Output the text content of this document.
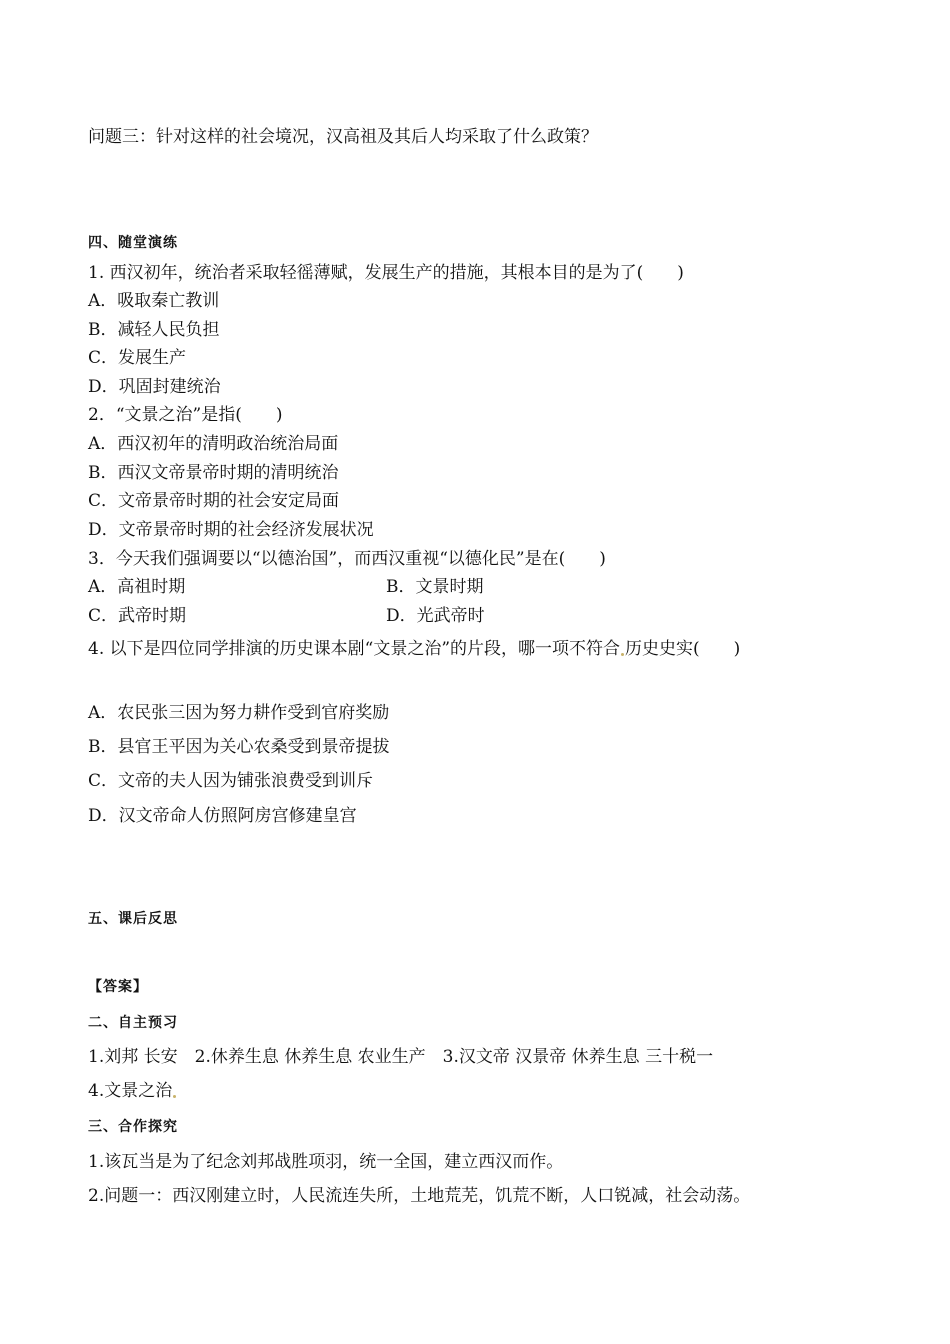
问题三：针对这样的社会境况，汉高祖及其后人均采取了什么政策？
四、随堂演练
1. 西汉初年，统治者采取轻徭薄赋，发展生产的措施，其根本目的是为了(　　)
A．吸取秦亡教训
B．减轻人民负担
C．发展生产
D．巩固封建统治
2．“文景之治”是指(　　)
A．西汉初年的清明政治统治局面
B．西汉文帝景帝时期的清明统治
C．文帝景帝时期的社会安定局面
D．文帝景帝时期的社会经济发展状况
3．今天我们强调要以“以德治国”，而西汉重视“以德化民”是在(　　)
A．高祖时期	B．文景时期
C．武帝时期	D．光武帝时
4. 以下是四位同学排演的历史课本剧“文景之治”的片段，哪一项不符合 历史史实(　　)
A．农民张三因为努力耕作受到官府奖励
B．县官王平因为关心农桑受到景帝提拔
C．文帝的夫人因为铺张浪费受到训斥
D．汉文帝命人仿照阿房宫修建皇宫
五、课后反思
【答案】
二、自主预习
1.刘邦 长安　2.休养生息 休养生息 农业生产　3.汉文帝 汉景帝 休养生息 三十税一
4.文景之治
三、合作探究
1.该瓦当是为了纪念刘邦战胜项羽，统一全国，建立西汉而作。
2.问题一：西汉刚建立时，人民流连失所，土地荒芜，饥荒不断，人口锐减，社会动荡。
